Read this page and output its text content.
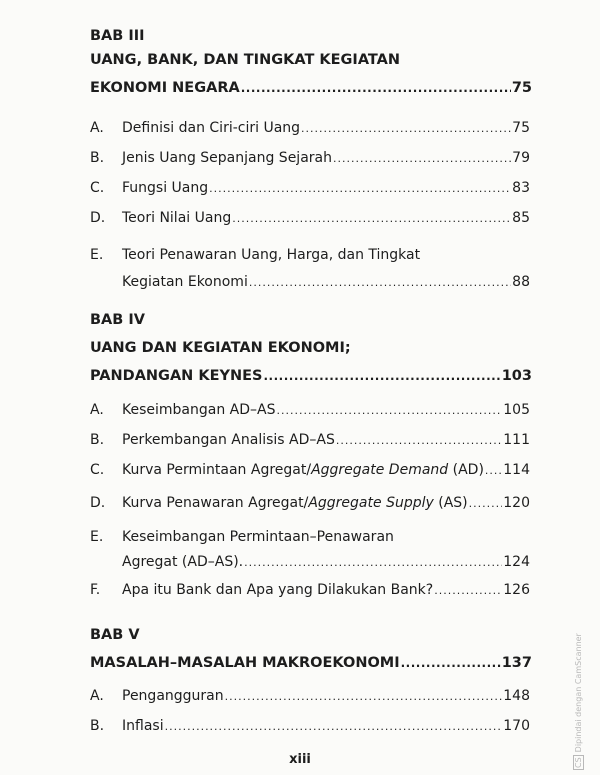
BAB III
UANG, BANK, DAN TINGKAT KEGIATAN
EKONOMI NEGARA .....	75
A.	Definisi dan Ciri-ciri Uang .....	75
B.	Jenis Uang Sepanjang Sejarah .....	79
C.	Fungsi Uang .....	83
D.	Teori Nilai Uang .....	85
E.	Teori Penawaran Uang, Harga, dan Tingkat
Kegiatan Ekonomi .....	88
BAB IV
UANG DAN KEGIATAN EKONOMI;
PANDANGAN KEYNES .....	103
A.	Keseimbangan AD–AS .....	105
B.	Perkembangan Analisis AD–AS .....	111
C.	Kurva Permintaan Agregat/Aggregate Demand (AD) ..... 114
D.	Kurva Penawaran Agregat/Aggregate Supply (AS) .....	120
E.	Keseimbangan Permintaan–Penawaran
Agregat (AD–AS). .....	124
F.	Apa itu Bank dan Apa yang Dilakukan Bank? .....	126
BAB V
MASALAH–MASALAH MAKROEKONOMI .....	137
A.	Pengangguran .....	148
B.	Inflasi .....	170
xiii	CSDipindai dengan CamScanner
